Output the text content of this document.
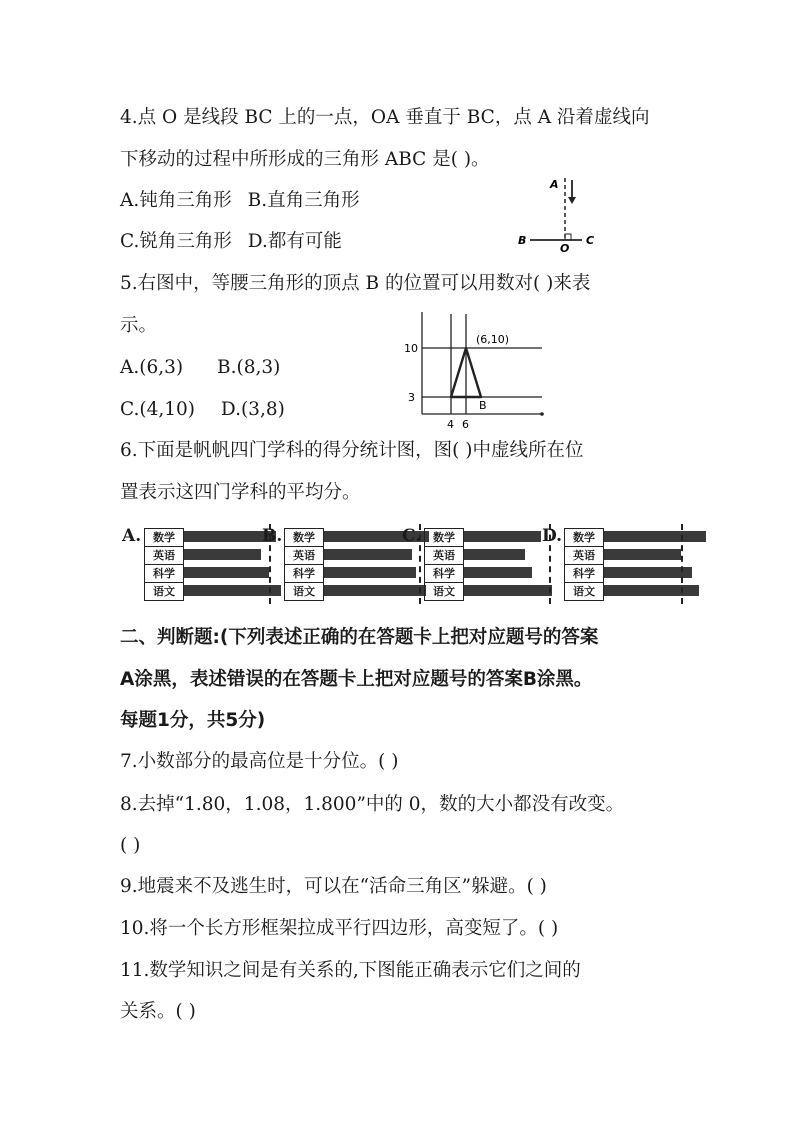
4.点 O 是线段 BC 上的一点，OA 垂直于 BC，点 A 沿着虚线向
下移动的过程中所形成的三角形 ABC 是( )。
A.钝角三角形 B.直角三角形
C.锐角三角形 D.都有可能
A
B
O
C
5.右图中，等腰三角形的顶点 B 的位置可以用数对( )来表
示。
A.(6,3) B.(8,3)
C.(4,10) D.(3,8)
(6,10)
10
3
4 6
B
6.下面是帆帆四门学科的得分统计图，图( )中虚线所在位
置表示这四门学科的平均分。
A.	数学
英语
科学
语文
B. 数学
英语
科学
语文
C.	数学
英语
科学
语文
D. 数学
英语
科学
语文
二、判断题:(下列表述正确的在答题卡上把对应题号的答案
A涂黑，表述错误的在答题卡上把对应题号的答案B涂黑。
每题1分，共5分)
7.小数部分的最高位是十分位。( )
8.去掉“1.80，1.08，1.800”中的 0，数的大小都没有改变。
( )
9.地震来不及逃生时，可以在“活命三角区”躲避。( )
10.将一个长方形框架拉成平行四边形，高变短了。( )
11.数学知识之间是有关系的,下图能正确表示它们之间的
关系。( )
